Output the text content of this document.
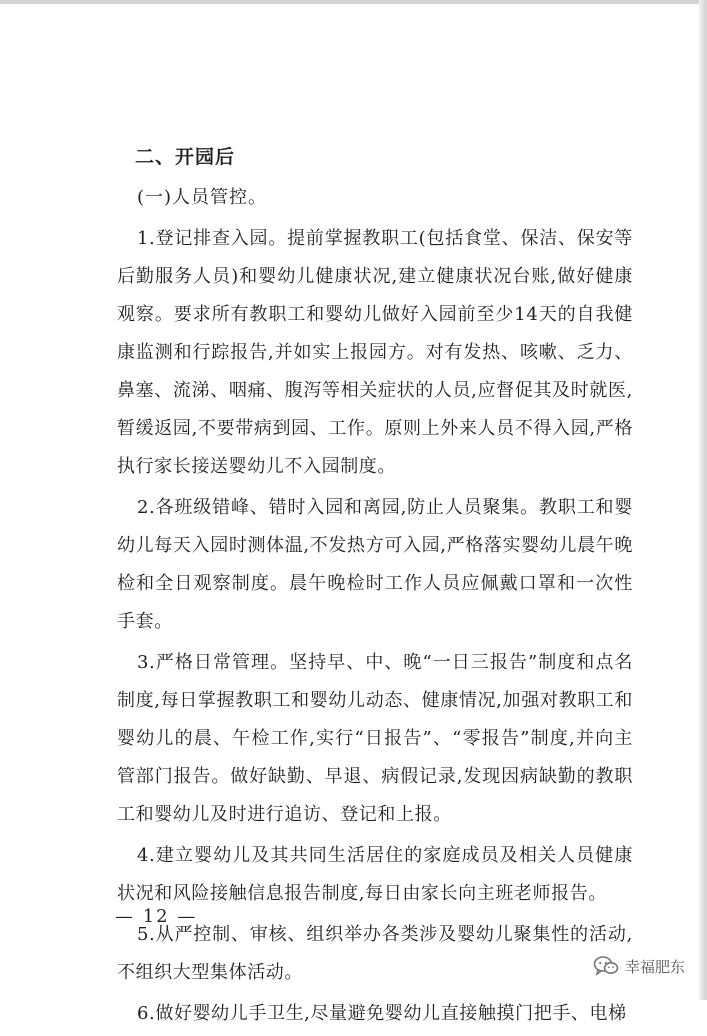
二、开园后
(一)人员管控。

1.登记排查入园。提前掌握教职工(包括食堂、保洁、保安等后勤服务人员)和婴幼儿健康状况,建立健康状况台账,做好健康观察。要求所有教职工和婴幼儿做好入园前至少14天的自我健康监测和行踪报告,并如实上报园方。对有发热、咳嗽、乏力、鼻塞、流涕、咽痛、腹泻等相关症状的人员,应督促其及时就医,暂缓返园,不要带病到园、工作。原则上外来人员不得入园,严格执行家长接送婴幼儿不入园制度。

2.各班级错峰、错时入园和离园,防止人员聚集。教职工和婴幼儿每天入园时测体温,不发热方可入园,严格落实婴幼儿晨午晚检和全日观察制度。晨午晚检时工作人员应佩戴口罩和一次性手套。

3.严格日常管理。坚持早、中、晚“一日三报告”制度和点名制度,每日掌握教职工和婴幼儿动态、健康情况,加强对教职工和婴幼儿的晨、午检工作,实行“日报告”、“零报告”制度,并向主管部门报告。做好缺勤、早退、病假记录,发现因病缺勤的教职工和婴幼儿及时进行追访、登记和上报。

4.建立婴幼儿及其共同生活居住的家庭成员及相关人员健康状况和风险接触信息报告制度,每日由家长向主班老师报告。

5.从严控制、审核、组织举办各类涉及婴幼儿聚集性的活动,不组织大型集体活动。

6.做好婴幼儿手卫生,尽量避免婴幼儿直接触摸门把手、电梯

— 12 —
幸福肥东
